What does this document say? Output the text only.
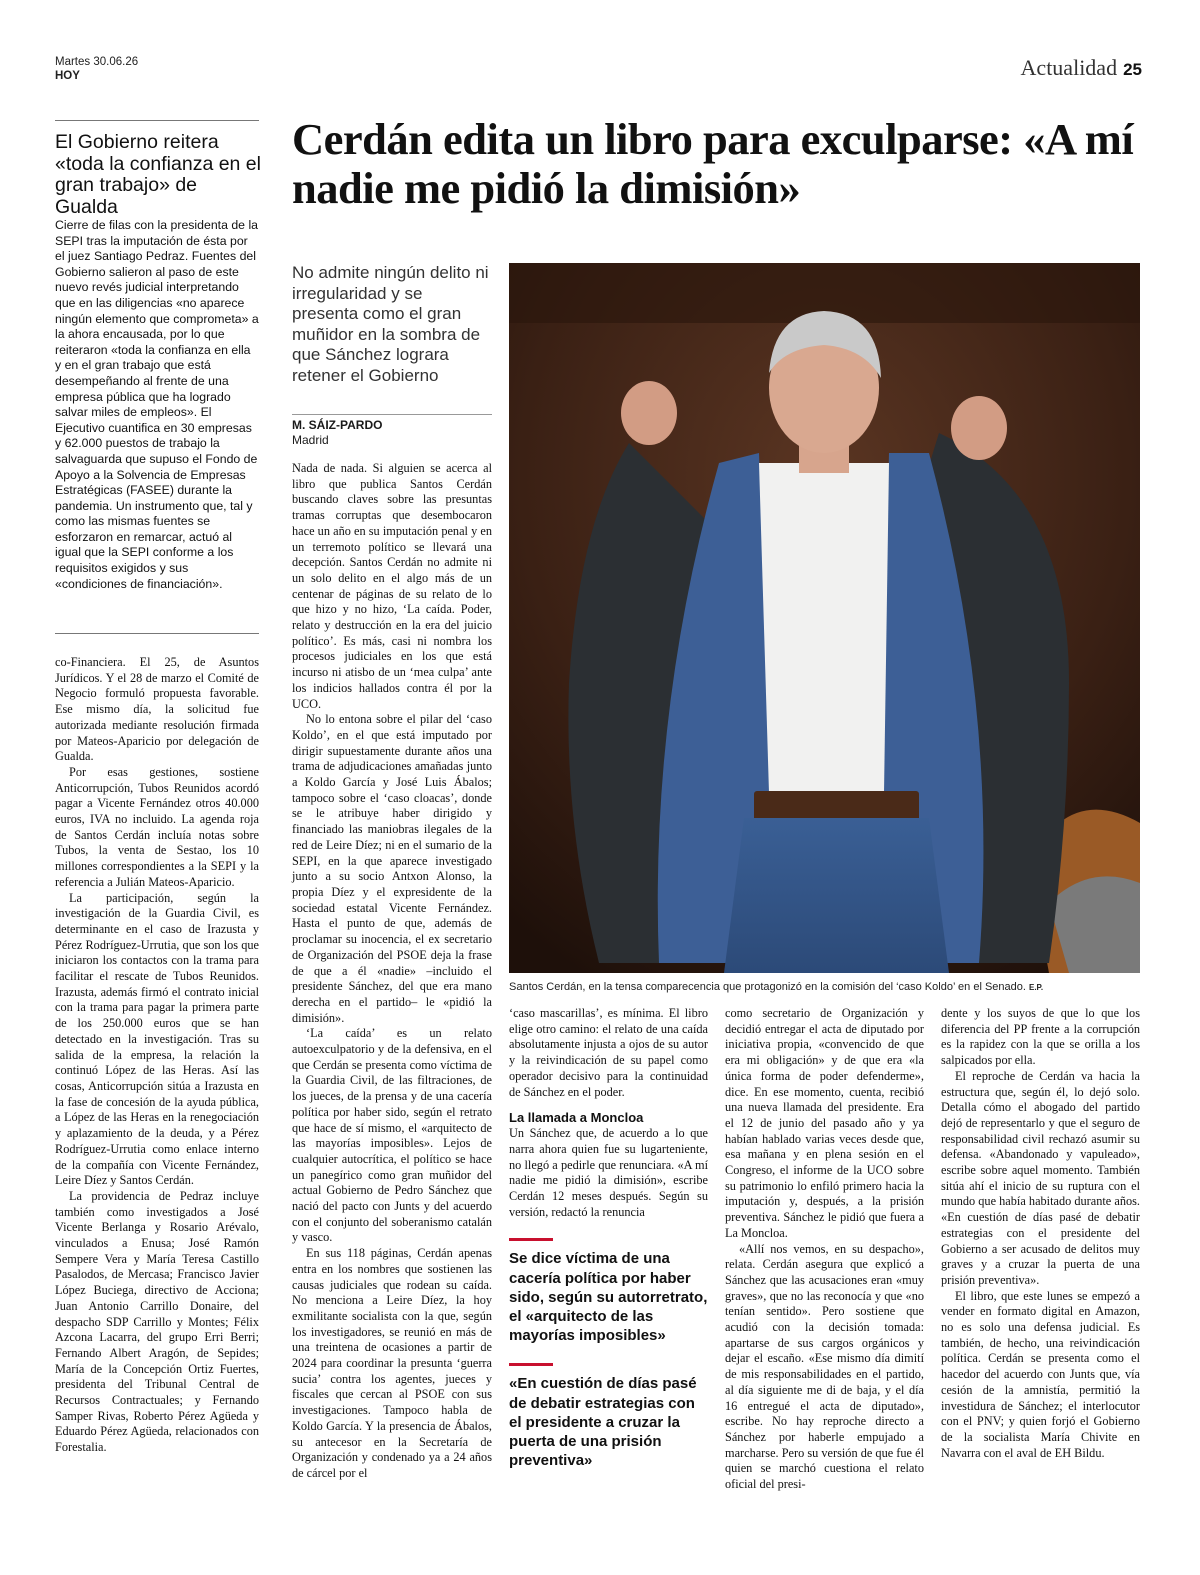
Martes 30.06.26
HOY	Actualidad 25
El Gobierno reitera «toda la confianza en el gran trabajo» de Gualda

Cierre de filas con la presidenta de la SEPI tras la imputación de ésta por el juez Santiago Pedraz. Fuentes del Gobierno salieron al paso de este nuevo revés judicial interpretando que en las diligencias «no aparece ningún elemento que comprometa» a la ahora encausada, por lo que reiteraron «toda la confianza en ella y en el gran trabajo que está desempeñando al frente de una empresa pública que ha logrado salvar miles de empleos». El Ejecutivo cuantifica en 30 empresas y 62.000 puestos de trabajo la salvaguarda que supuso el Fondo de Apoyo a la Solvencia de Empresas Estratégicas (FASEE) durante la pandemia. Un instrumento que, tal y como las mismas fuentes se esforzaron en remarcar, actuó al igual que la SEPI conforme a los requisitos exigidos y sus «condiciones de financiación».

co-Financiera. El 25, de Asuntos Jurídicos. Y el 28 de marzo el Comité de Negocio formuló propuesta favorable. Ese mismo día, la solicitud fue autorizada mediante resolución firmada por Mateos-Aparicio por delegación de Gualda.

Por esas gestiones, sostiene Anticorrupción, Tubos Reunidos acordó pagar a Vicente Fernández otros 40.000 euros, IVA no incluido. La agenda roja de Santos Cerdán incluía notas sobre Tubos, la venta de Sestao, los 10 millones correspondientes a la SEPI y la referencia a Julián Mateos-Aparicio.

La participación, según la investigación de la Guardia Civil, es determinante en el caso de Irazusta y Pérez Rodríguez-Urrutia, que son los que iniciaron los contactos con la trama para facilitar el rescate de Tubos Reunidos. Irazusta, además firmó el contrato inicial con la trama para pagar la primera parte de los 250.000 euros que se han detectado en la investigación. Tras su salida de la empresa, la relación la continuó López de las Heras. Así las cosas, Anticorrupción sitúa a Irazusta en la fase de concesión de la ayuda pública, a López de las Heras en la renegociación y aplazamiento de la deuda, y a Pérez Rodríguez-Urrutia como enlace interno de la compañía con Vicente Fernández, Leire Díez y Santos Cerdán.

La providencia de Pedraz incluye también como investigados a José Vicente Berlanga y Rosario Arévalo, vinculados a Enusa; José Ramón Sempere Vera y María Teresa Castillo Pasalodos, de Mercasa; Francisco Javier López Buciega, directivo de Acciona; Juan Antonio Carrillo Donaire, del despacho SDP Carrillo y Montes; Félix Azcona Lacarra, del grupo Erri Berri; Fernando Albert Aragón, de Sepides; María de la Concepción Ortiz Fuertes, presidenta del Tribunal Central de Recursos Contractuales; y Fernando Samper Rivas, Roberto Pérez Agüeda y Eduardo Pérez Agüeda, relacionados con Forestalia.

Cerdán edita un libro para exculparse: «A mí nadie me pidió la dimisión»
No admite ningún delito ni irregularidad y se presenta como el gran muñidor en la sombra de que Sánchez lograra retener el Gobierno
M. SÁIZ-PARDO
Madrid

Nada de nada. Si alguien se acerca al libro que publica Santos Cerdán buscando claves sobre las presuntas tramas corruptas que desembocaron hace un año en su imputación penal y en un terremoto político se llevará una decepción. Santos Cerdán no admite ni un solo delito en el algo más de un centenar de páginas de su relato de lo que hizo y no hizo, ‘La caída. Poder, relato y destrucción en la era del juicio político’. Es más, casi ni nombra los procesos judiciales en los que está incurso ni atisbo de un ‘mea culpa’ ante los indicios hallados contra él por la UCO.

No lo entona sobre el pilar del ‘caso Koldo’, en el que está imputado por dirigir supuestamente durante años una trama de adjudicaciones amañadas junto a Koldo García y José Luis Ábalos; tampoco sobre el ‘caso cloacas’, donde se le atribuye haber dirigido y financiado las maniobras ilegales de la red de Leire Díez; ni en el sumario de la SEPI, en la que aparece investigado junto a su socio Antxon Alonso, la propia Díez y el expresidente de la sociedad estatal Vicente Fernández. Hasta el punto de que, además de proclamar su inocencia, el ex secretario de Organización del PSOE deja la frase de que a él «nadie» –incluido el presidente Sánchez, del que era mano derecha en el partido– le «pidió la dimisión».

‘La caída’ es un relato autoexculpatorio y de la defensiva, en el que Cerdán se presenta como víctima de la Guardia Civil, de las filtraciones, de los jueces, de la prensa y de una cacería política por haber sido, según el retrato que hace de sí mismo, el «arquitecto de las mayorías imposibles». Lejos de cualquier autocrítica, el político se hace un panegírico como gran muñidor del actual Gobierno de Pedro Sánchez que nació del pacto con Junts y del acuerdo con el conjunto del soberanismo catalán y vasco.

En sus 118 páginas, Cerdán apenas entra en los nombres que sostienen las causas judiciales que rodean su caída. No menciona a Leire Díez, la hoy exmilitante socialista con la que, según los investigadores, se reunió en más de una treintena de ocasiones a partir de 2024 para coordinar la presunta ‘guerra sucia’ contra los agentes, jueces y fiscales que cercan al PSOE con sus investigaciones. Tampoco habla de Koldo García. Y la presencia de Ábalos, su antecesor en la Secretaría de Organización y condenado ya a 24 años de cárcel por el

Santos Cerdán, en la tensa comparecencia que protagonizó en la comisión del ‘caso Koldo’ en el Senado. E.P.

‘caso mascarillas’, es mínima. El libro elige otro camino: el relato de una caída absolutamente injusta a ojos de su autor y la reivindicación de su papel como operador decisivo para la continuidad de Sánchez en el poder.

La llamada a Moncloa

Un Sánchez que, de acuerdo a lo que narra ahora quien fue su lugarteniente, no llegó a pedirle que renunciara. «A mí nadie me pidió la dimisión», escribe Cerdán 12 meses después. Según su versión, redactó la renuncia

Se dice víctima de una cacería política por haber sido, según su autorretrato, el «arquitecto de las mayorías imposibles»
«En cuestión de días pasé de debatir estrategias con el presidente a cruzar la puerta de una prisión preventiva»

como secretario de Organización y decidió entregar el acta de diputado por iniciativa propia, «convencido de que era mi obligación» y de que era «la única forma de poder defenderme», dice. En ese momento, cuenta, recibió una nueva llamada del presidente. Era el 12 de junio del pasado año y ya habían hablado varias veces desde que, esa mañana y en plena sesión en el Congreso, el informe de la UCO sobre su patrimonio lo enfiló primero hacia la imputación y, después, a la prisión preventiva. Sánchez le pidió que fuera a La Moncloa.

«Allí nos vemos, en su despacho», relata. Cerdán asegura que explicó a Sánchez que las acusaciones eran «muy graves», que no las reconocía y que «no tenían sentido». Pero sostiene que acudió con la decisión tomada: apartarse de sus cargos orgánicos y dejar el escaño. «Ese mismo día dimití de mis responsabilidades en el partido, al día siguiente me di de baja, y el día 16 entregué el acta de diputado», escribe. No hay reproche directo a Sánchez por haberle empujado a marcharse. Pero su versión de que fue él quien se marchó cuestiona el relato oficial del presi-

dente y los suyos de que lo que los diferencia del PP frente a la corrupción es la rapidez con la que se orilla a los salpicados por ella.

El reproche de Cerdán va hacia la estructura que, según él, lo dejó solo. Detalla cómo el abogado del partido dejó de representarlo y que el seguro de responsabilidad civil rechazó asumir su defensa. «Abandonado y vapuleado», escribe sobre aquel momento. También sitúa ahí el inicio de su ruptura con el mundo que había habitado durante años. «En cuestión de días pasé de debatir estrategias con el presidente del Gobierno a ser acusado de delitos muy graves y a cruzar la puerta de una prisión preventiva».

El libro, que este lunes se empezó a vender en formato digital en Amazon, no es solo una defensa judicial. Es también, de hecho, una reivindicación política. Cerdán se presenta como el hacedor del acuerdo con Junts que, vía cesión de la amnistía, permitió la investidura de Sánchez; el interlocutor con el PNV; y quien forjó el Gobierno de la socialista María Chivite en Navarra con el aval de EH Bildu.
